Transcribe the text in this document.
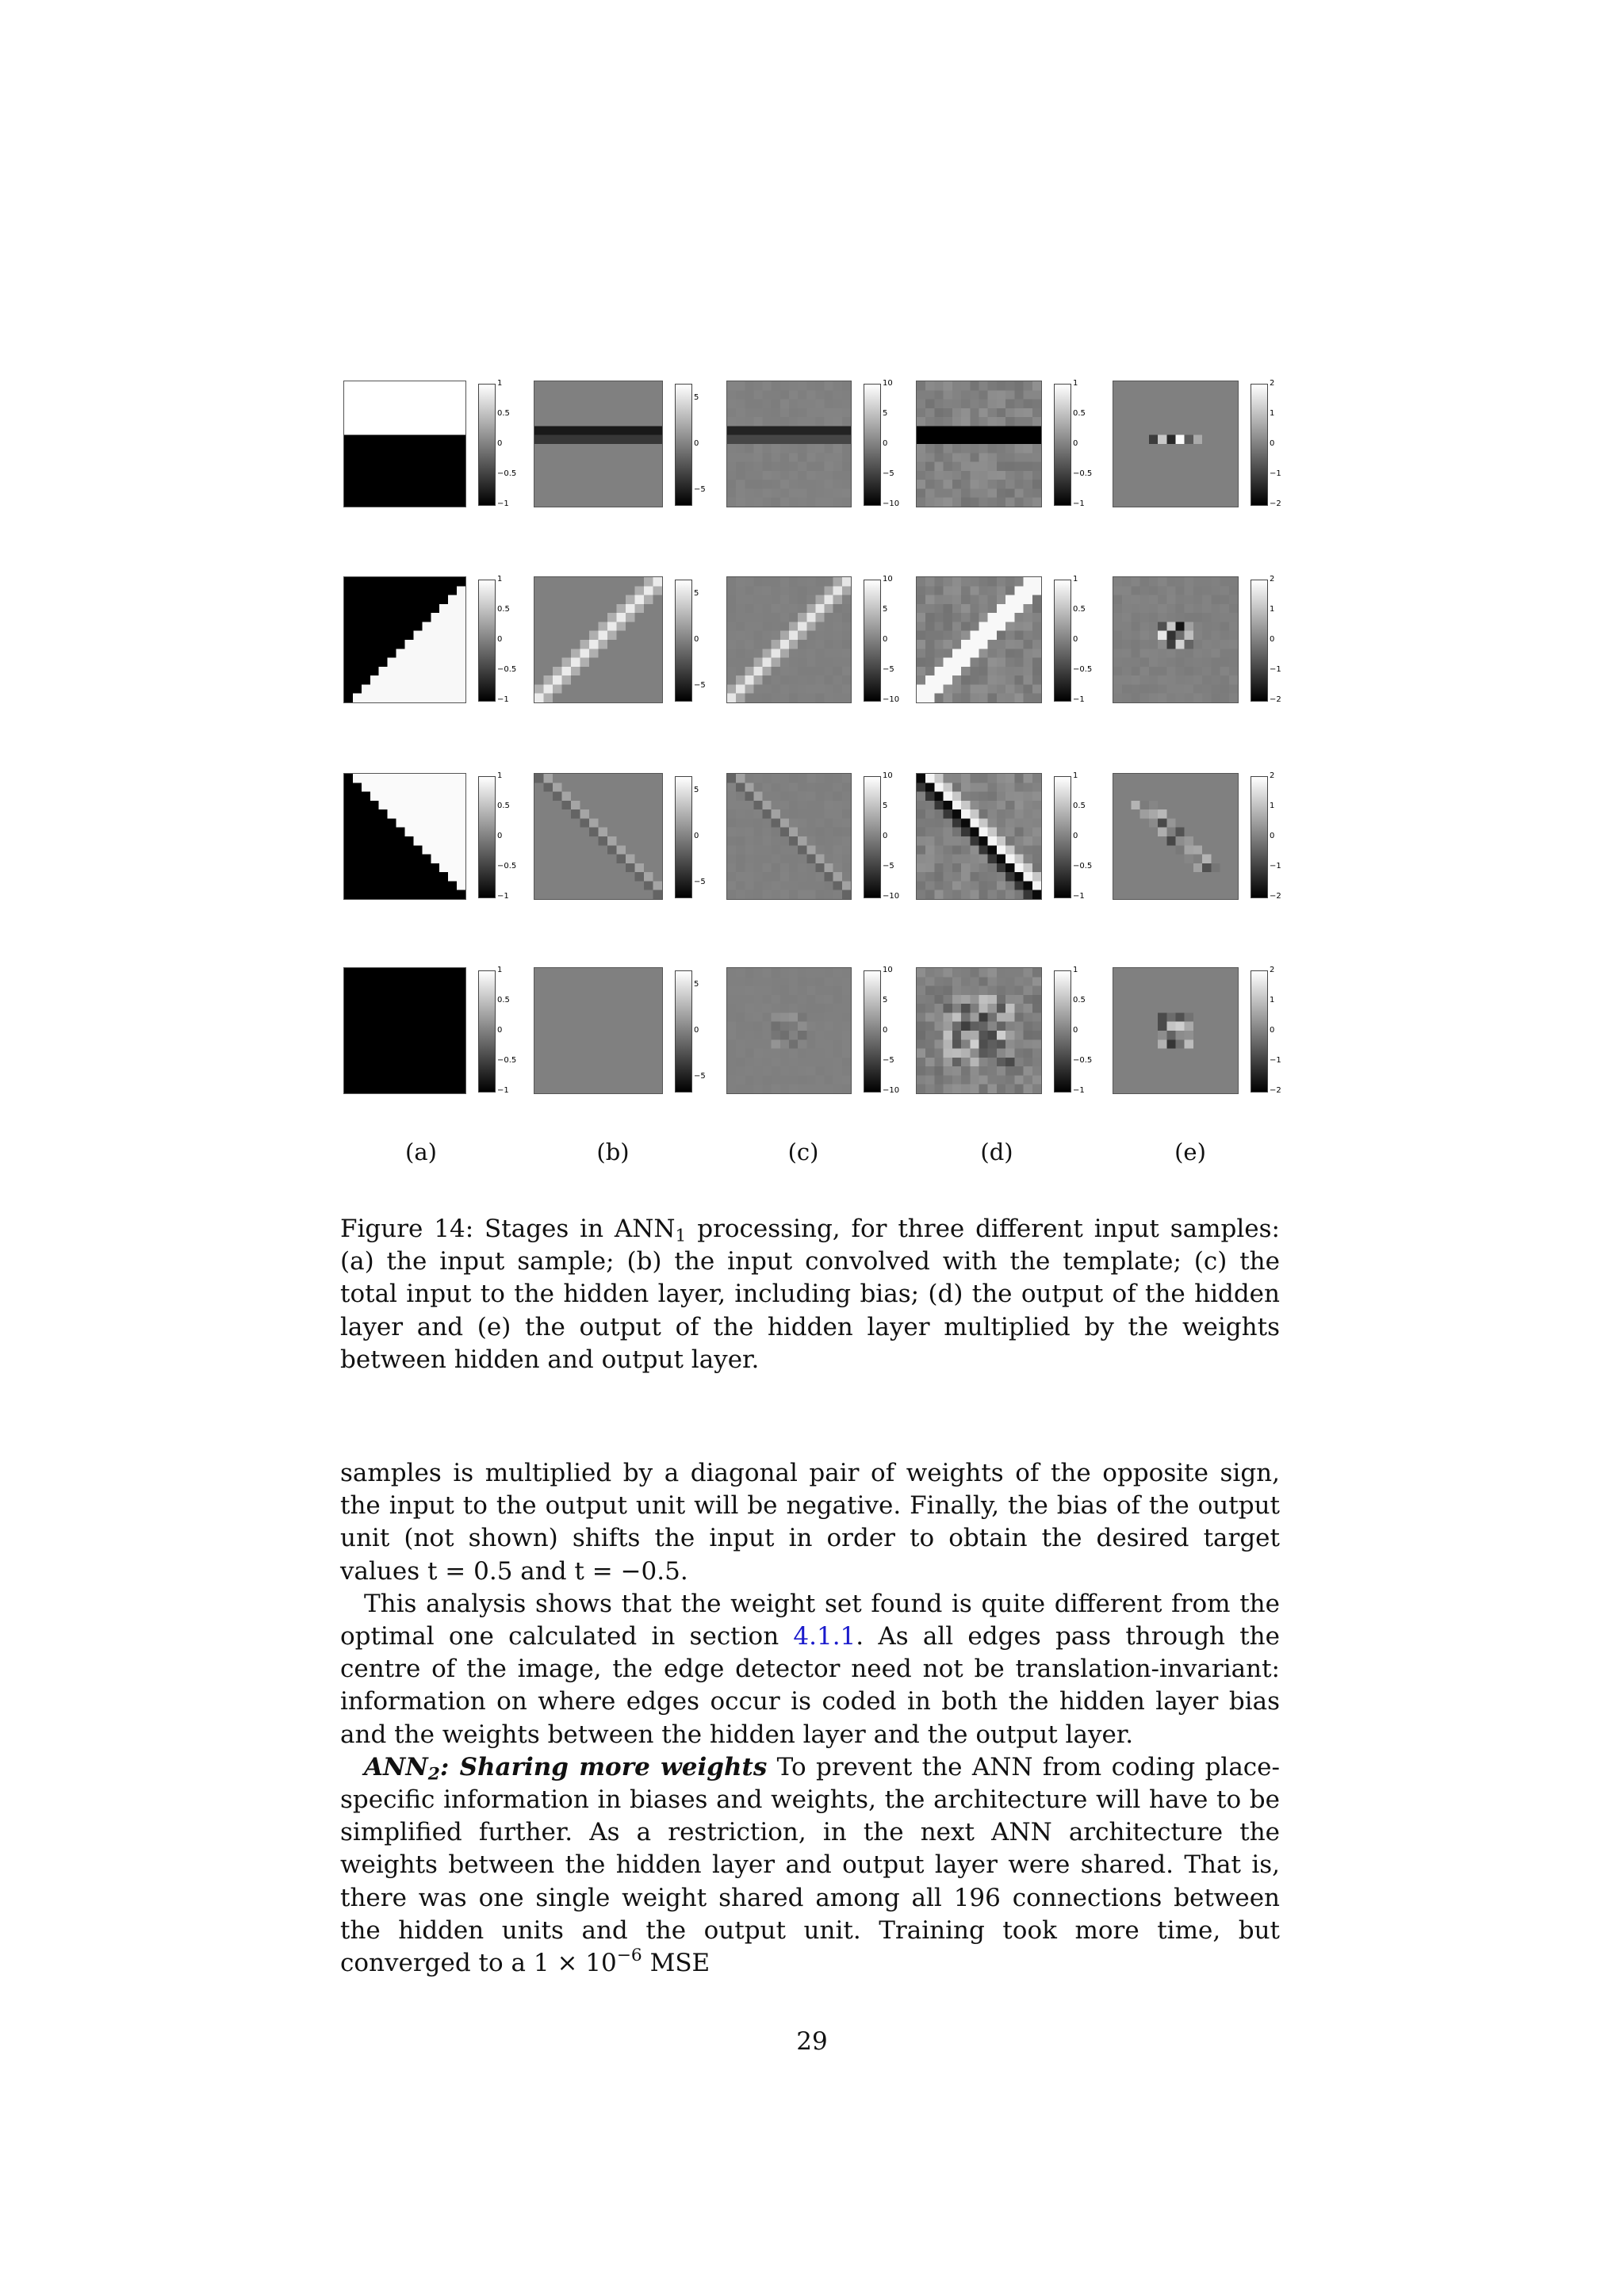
1
0.5
0
−0.5
−1
5
0
−5
10
5
0
−5
−10
1
0.5
0
−0.5
−1
2
1
0
−1
−2
1
0.5
0
−0.5
−1
5
0
−5
10
5
0
−5
−10
1
0.5
0
−0.5
−1
2
1
0
−1
−2
1
0.5
0
−0.5
−1
5
0
−5
10
5
0
−5
−10
1
0.5
0
−0.5
−1
2
1
0
−1
−2
1
0.5
0
−0.5
−1
5
0
−5
10
5
0
−5
−10
1
0.5
0
−0.5
−1
2
1
0
−1
−2
(a)	(b)	(c)	(d)	(e)

Figure 14: Stages in $ANN_1$ processing, for three different input samples: (a) the input sample; (b) the input convolved with the template; (c) the total input to the hidden layer, including bias; (d) the output of the hidden layer and (e) the output of the hidden layer multiplied by the weights between hidden and output layer.

samples is multiplied by a diagonal pair of weights of the opposite sign, the input to the output unit will be negative. Finally, the bias of the output unit (not shown) shifts the input in order to obtain the desired target values t = 0.5 and t = −0.5.

This analysis shows that the weight set found is quite different from the optimal one calculated in section 4.1.1. As all edges pass through the centre of the image, the edge detector need not be translation-invariant: information on where edges occur is coded in both the hidden layer bias and the weights between the hidden layer and the output layer.

$ANN_2$: Sharing more weights To prevent the ANN from coding place-specific information in biases and weights, the architecture will have to be simplified further. As a restriction, in the next ANN architecture the weights between the hidden layer and output layer were shared. That is, there was one single weight shared among all 196 connections between the hidden units and the output unit. Training took more time, but converged to a $1 \times 10^{-6}$ MSE

29
